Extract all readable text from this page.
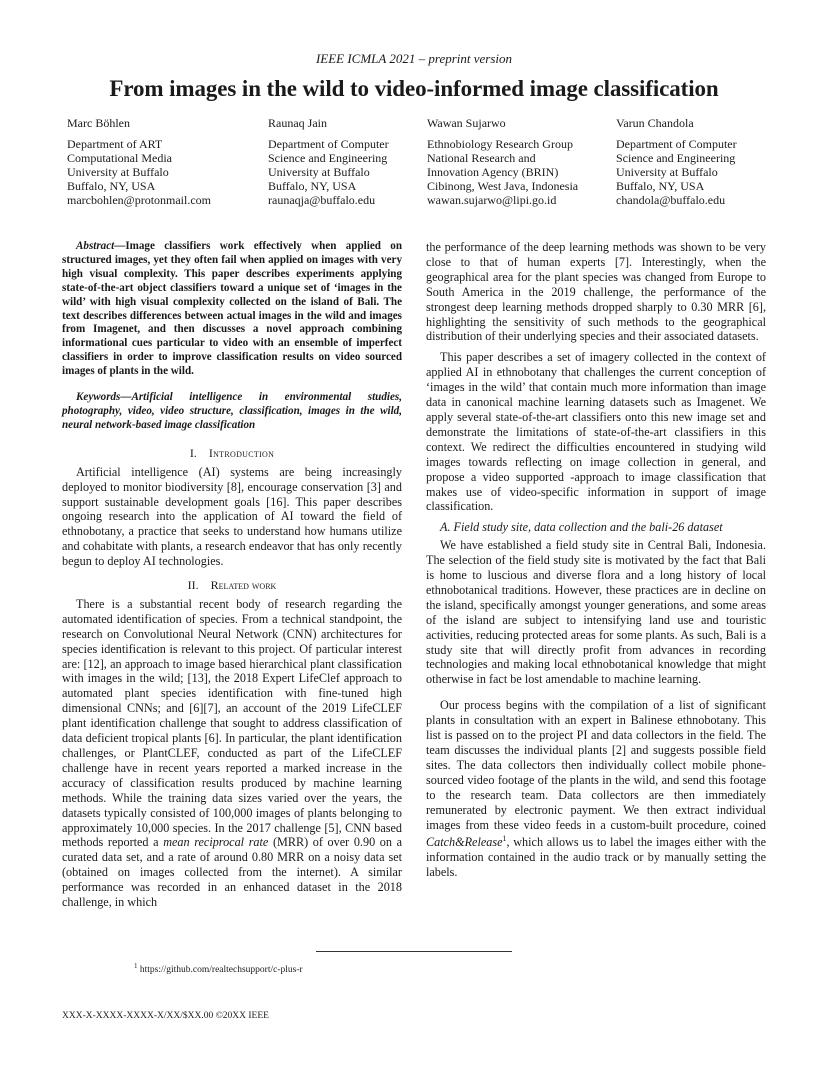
IEEE ICMLA 2021 – preprint version
From images in the wild to video-informed image classification
Marc Böhlen
Department of ART
Computational Media
University at Buffalo
Buffalo, NY, USA
marcbohlen@protonmail.com
Raunaq Jain
Department of Computer
Science and Engineering
University at Buffalo
Buffalo, NY, USA
raunaqja@buffalo.edu
Wawan Sujarwo
Ethnobiology Research Group
National Research and
Innovation Agency (BRIN)
Cibinong, West Java, Indonesia
wawan.sujarwo@lipi.go.id
Varun Chandola
Department of Computer
Science and Engineering
University at Buffalo
Buffalo, NY, USA
chandola@buffalo.edu

Abstract—Image classifiers work effectively when applied on structured images, yet they often fail when applied on images with very high visual complexity. This paper describes experiments applying state-of-the-art object classifiers toward a unique set of ‘images in the wild’ with high visual complexity collected on the island of Bali. The text describes differences between actual images in the wild and images from Imagenet, and then discusses a novel approach combining informational cues particular to video with an ensemble of imperfect classifiers in order to improve classification results on video sourced images of plants in the wild.

Keywords—Artificial intelligence in environmental studies, photography, video, video structure, classification, images in the wild, neural network-based image classification

I. Introduction

Artificial intelligence (AI) systems are being increasingly deployed to monitor biodiversity [8], encourage conservation [3] and support sustainable development goals [16]. This paper describes ongoing research into the application of AI toward the field of ethnobotany, a practice that seeks to understand how humans utilize and cohabitate with plants, a research endeavor that has only recently begun to deploy AI technologies.

II. Related work

There is a substantial recent body of research regarding the automated identification of species. From a technical standpoint, the research on Convolutional Neural Network (CNN) architectures for species identification is relevant to this project. Of particular interest are: [12], an approach to image based hierarchical plant classification with images in the wild; [13], the 2018 Expert LifeClef approach to automated plant species identification with fine-tuned high dimensional CNNs; and [6][7], an account of the 2019 LifeCLEF plant identification challenge that sought to address classification of data deficient tropical plants [6]. In particular, the plant identification challenges, or PlantCLEF, conducted as part of the LifeCLEF challenge have in recent years reported a marked increase in the accuracy of classification results produced by machine learning methods. While the training data sizes varied over the years, the datasets typically consisted of 100,000 images of plants belonging to approximately 10,000 species. In the 2017 challenge [5], CNN based methods reported a mean reciprocal rate (MRR) of over 0.90 on a curated data set, and a rate of around 0.80 MRR on a noisy data set (obtained on images collected from the internet). A similar performance was recorded in an enhanced dataset in the 2018 challenge, in which

the performance of the deep learning methods was shown to be very close to that of human experts [7]. Interestingly, when the geographical area for the plant species was changed from Europe to South America in the 2019 challenge, the performance of the strongest deep learning methods dropped sharply to 0.30 MRR [6], highlighting the sensitivity of such methods to the geographical distribution of their underlying species and their associated datasets.

This paper describes a set of imagery collected in the context of applied AI in ethnobotany that challenges the current conception of ‘images in the wild’ that contain much more information than image data in canonical machine learning datasets such as Imagenet. We apply several state-of-the-art classifiers onto this new image set and demonstrate the limitations of state-of-the-art classifiers in this context. We redirect the difficulties encountered in studying wild images towards reflecting on image collection in general, and propose a video supported -approach to image classification that makes use of video-specific information in support of image classification.

A. Field study site, data collection and the bali-26 dataset

We have established a field study site in Central Bali, Indonesia. The selection of the field study site is motivated by the fact that Bali is home to luscious and diverse flora and a long history of local ethnobotanical traditions. However, these practices are in decline on the island, specifically amongst younger generations, and some areas of the island are subject to intensifying land use and touristic activities, reducing protected areas for some plants. As such, Bali is a study site that will directly profit from advances in recording technologies and making local ethnobotanical knowledge that might otherwise in fact be lost amendable to machine learning.

Our process begins with the compilation of a list of significant plants in consultation with an expert in Balinese ethnobotany. This list is passed on to the project PI and data collectors in the field. The team discusses the individual plants [2] and suggests possible field sites. The data collectors then individually collect mobile phone-sourced video footage of the plants in the wild, and send this footage to the research team. Data collectors are then immediately remunerated by electronic payment. We then extract individual images from these video feeds in a custom-built procedure, coined Catch&Release$^1$, which allows us to label the images either with the information contained in the audio track or by manually setting the labels.

$^1$ https://github.com/realtechsupport/c-plus-r
XXX-X-XXXX-XXXX-X/XX/$XX.00 ©20XX IEEE
